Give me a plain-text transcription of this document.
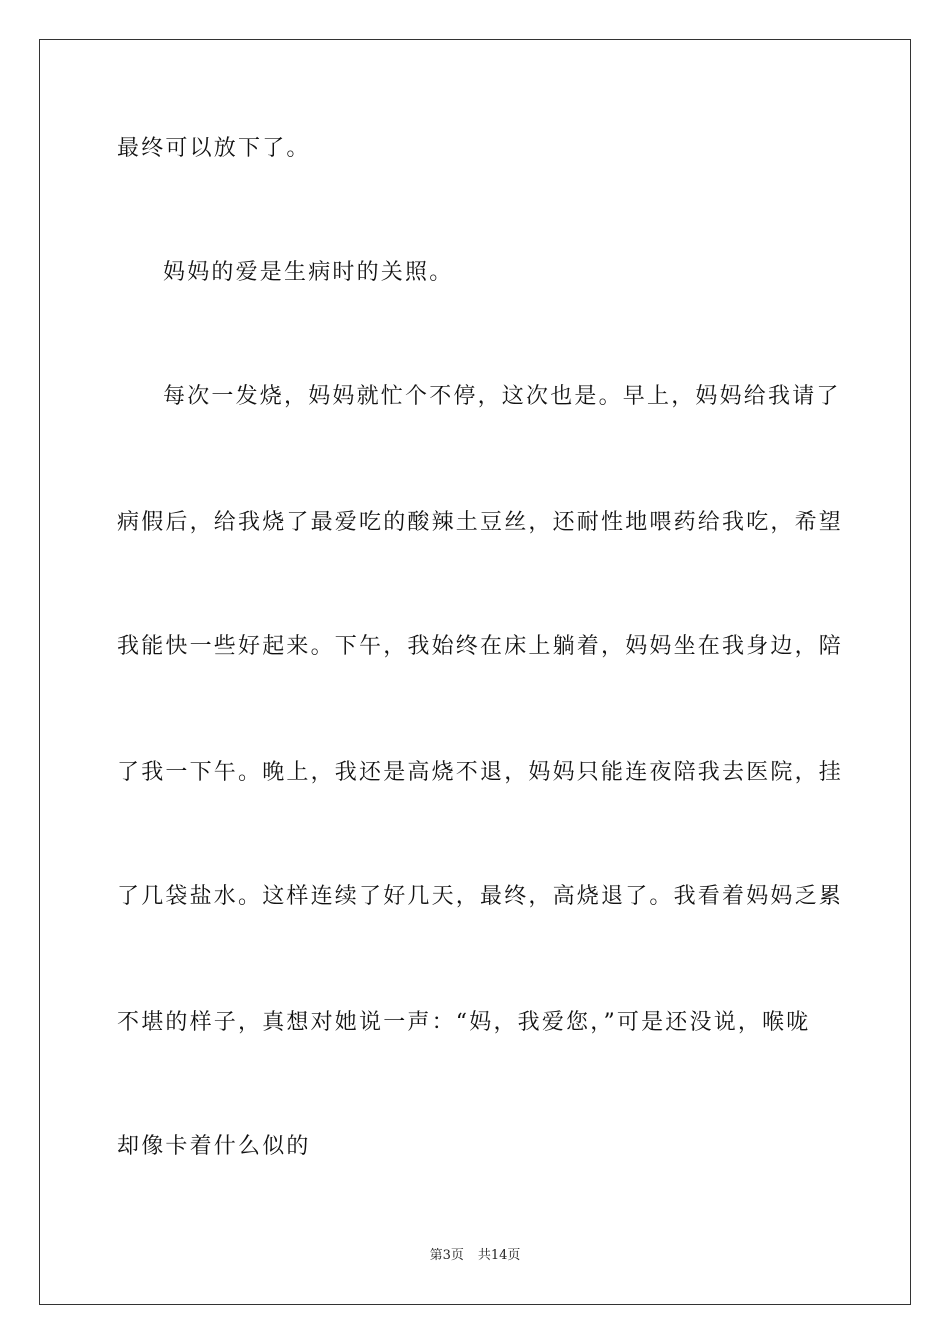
最终可以放下了。
妈妈的爱是生病时的关照。
每次一发烧，妈妈就忙个不停，这次也是。早上，妈妈给我请了
病假后，给我烧了最爱吃的酸辣土豆丝，还耐性地喂药给我吃，希望
我能快一些好起来。下午，我始终在床上躺着，妈妈坐在我身边，陪
了我一下午。晚上，我还是高烧不退，妈妈只能连夜陪我去医院，挂
了几袋盐水。这样连续了好几天，最终，高烧退了。我看着妈妈乏累
不堪的样子，真想对她说一声：“妈，我爱您，”可是还没说，喉咙
却像卡着什么似的
第3页 共14页
